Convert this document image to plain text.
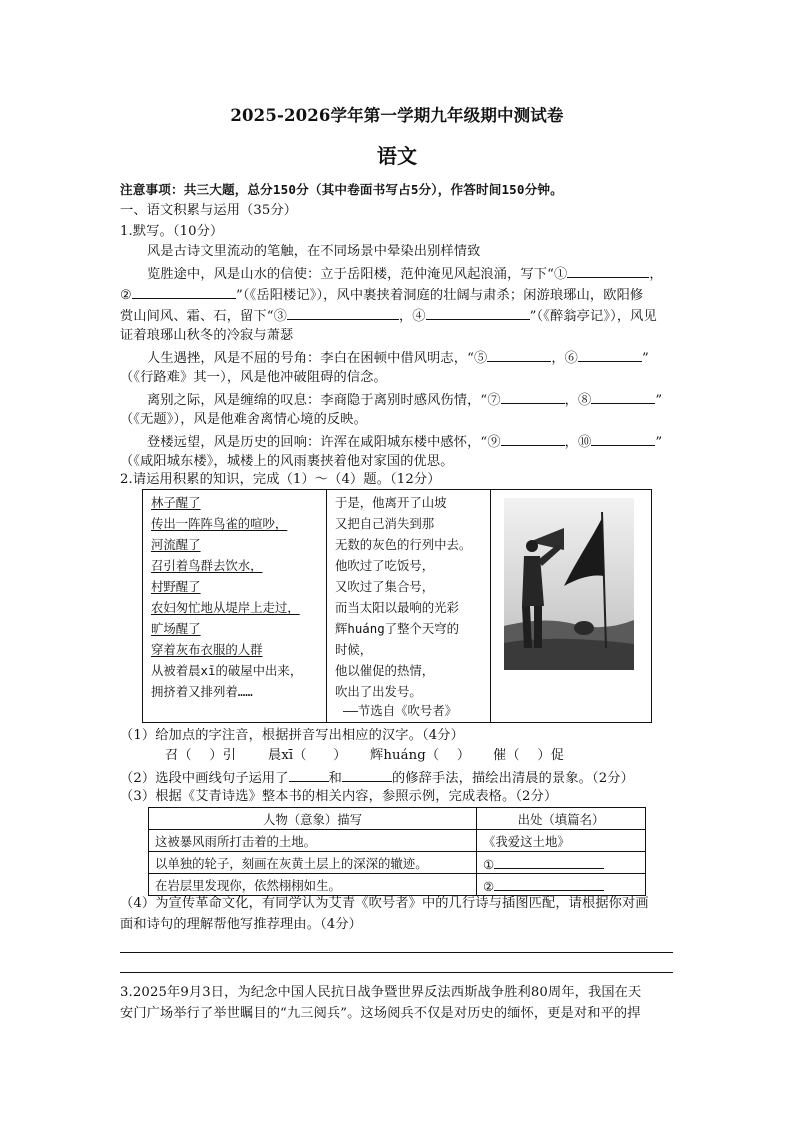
2025-2026学年第一学期九年级期中测试卷
语文
注意事项：共三大题，总分150分（其中卷面书写占5分），作答时间150分钟。
一、语文积累与运用（35分）
1.默写。（10分）
风是古诗文里流动的笔触，在不同场景中晕染出别样情致
览胜途中，风是山水的信使：立于岳阳楼，范仲淹见风起浪涌，写下“①	，
②	”（《岳阳楼记》），风中裹挟着洞庭的壮阔与肃杀；闲游琅琊山，欧阳修
赏山间风、霜、石，留下“③	，④	”（《醉翁亭记》），风见
证着琅琊山秋冬的冷寂与萧瑟
人生遇挫，风是不屈的号角：李白在困顿中借风明志，“⑤	，⑥	”
（《行路难》其一），风是他冲破阻碍的信念。
离别之际，风是缠绵的叹息：李商隐于离别时感风伤情，“⑦	，⑧	”
（《无题》），风是他难舍离情心境的反映。
登楼远望，风是历史的回响：许浑在咸阳城东楼中感怀，“⑨	，⑩	”
（《咸阳城东楼》，城楼上的风雨裹挟着他对家国的优思。
2.请运用积累的知识，完成（1）～（4）题。（12分）
林子醒了
传出一阵阵鸟雀的喧吵，
河流醒了
召引着鸟群去饮水，
村野醒了
农妇匆忙地从堤岸上走过，
旷场醒了
穿着灰布衣服的人群
从被着晨xī的破屋中出来，
拥挤着又排列着……
于是，他离开了山坡
又把自己消失到那
无数的灰色的行列中去。
他吹过了吃饭号，
又吹过了集合号，
而当太阳以最响的光彩
辉huáng了整个天穹的
时候，
他以催促的热情，
吹出了出发号。
——节选自《吹号者》
（1）给加点的字注音，根据拼音写出相应的汉字。（4分）
召（　 ）引 晨xī（　　） 辉huáng（　 ） 催（　 ）促
（2）选段中画线句子运用了	和	的修辞手法，描绘出清晨的景象。（2分）
（3）根据《艾青诗选》整本书的相关内容，参照示例，完成表格。（2分）
人物（意象）描写	出处（填篇名）
这被暴风雨所打击着的土地。	《我爱这土地》
以单独的轮子，刻画在灰黄土层上的深深的辙迹。	①
在岩层里发现你，依然栩栩如生。	②
（4）为宣传革命文化，有同学认为艾青《吹号者》中的几行诗与插图匹配，请根据你对画
面和诗句的理解帮他写推荐理由。（4分）
3.2025年9月3日，为纪念中国人民抗日战争暨世界反法西斯战争胜利80周年，我国在天
安门广场举行了举世瞩目的“九三阅兵”。这场阅兵不仅是对历史的缅怀，更是对和平的捍
